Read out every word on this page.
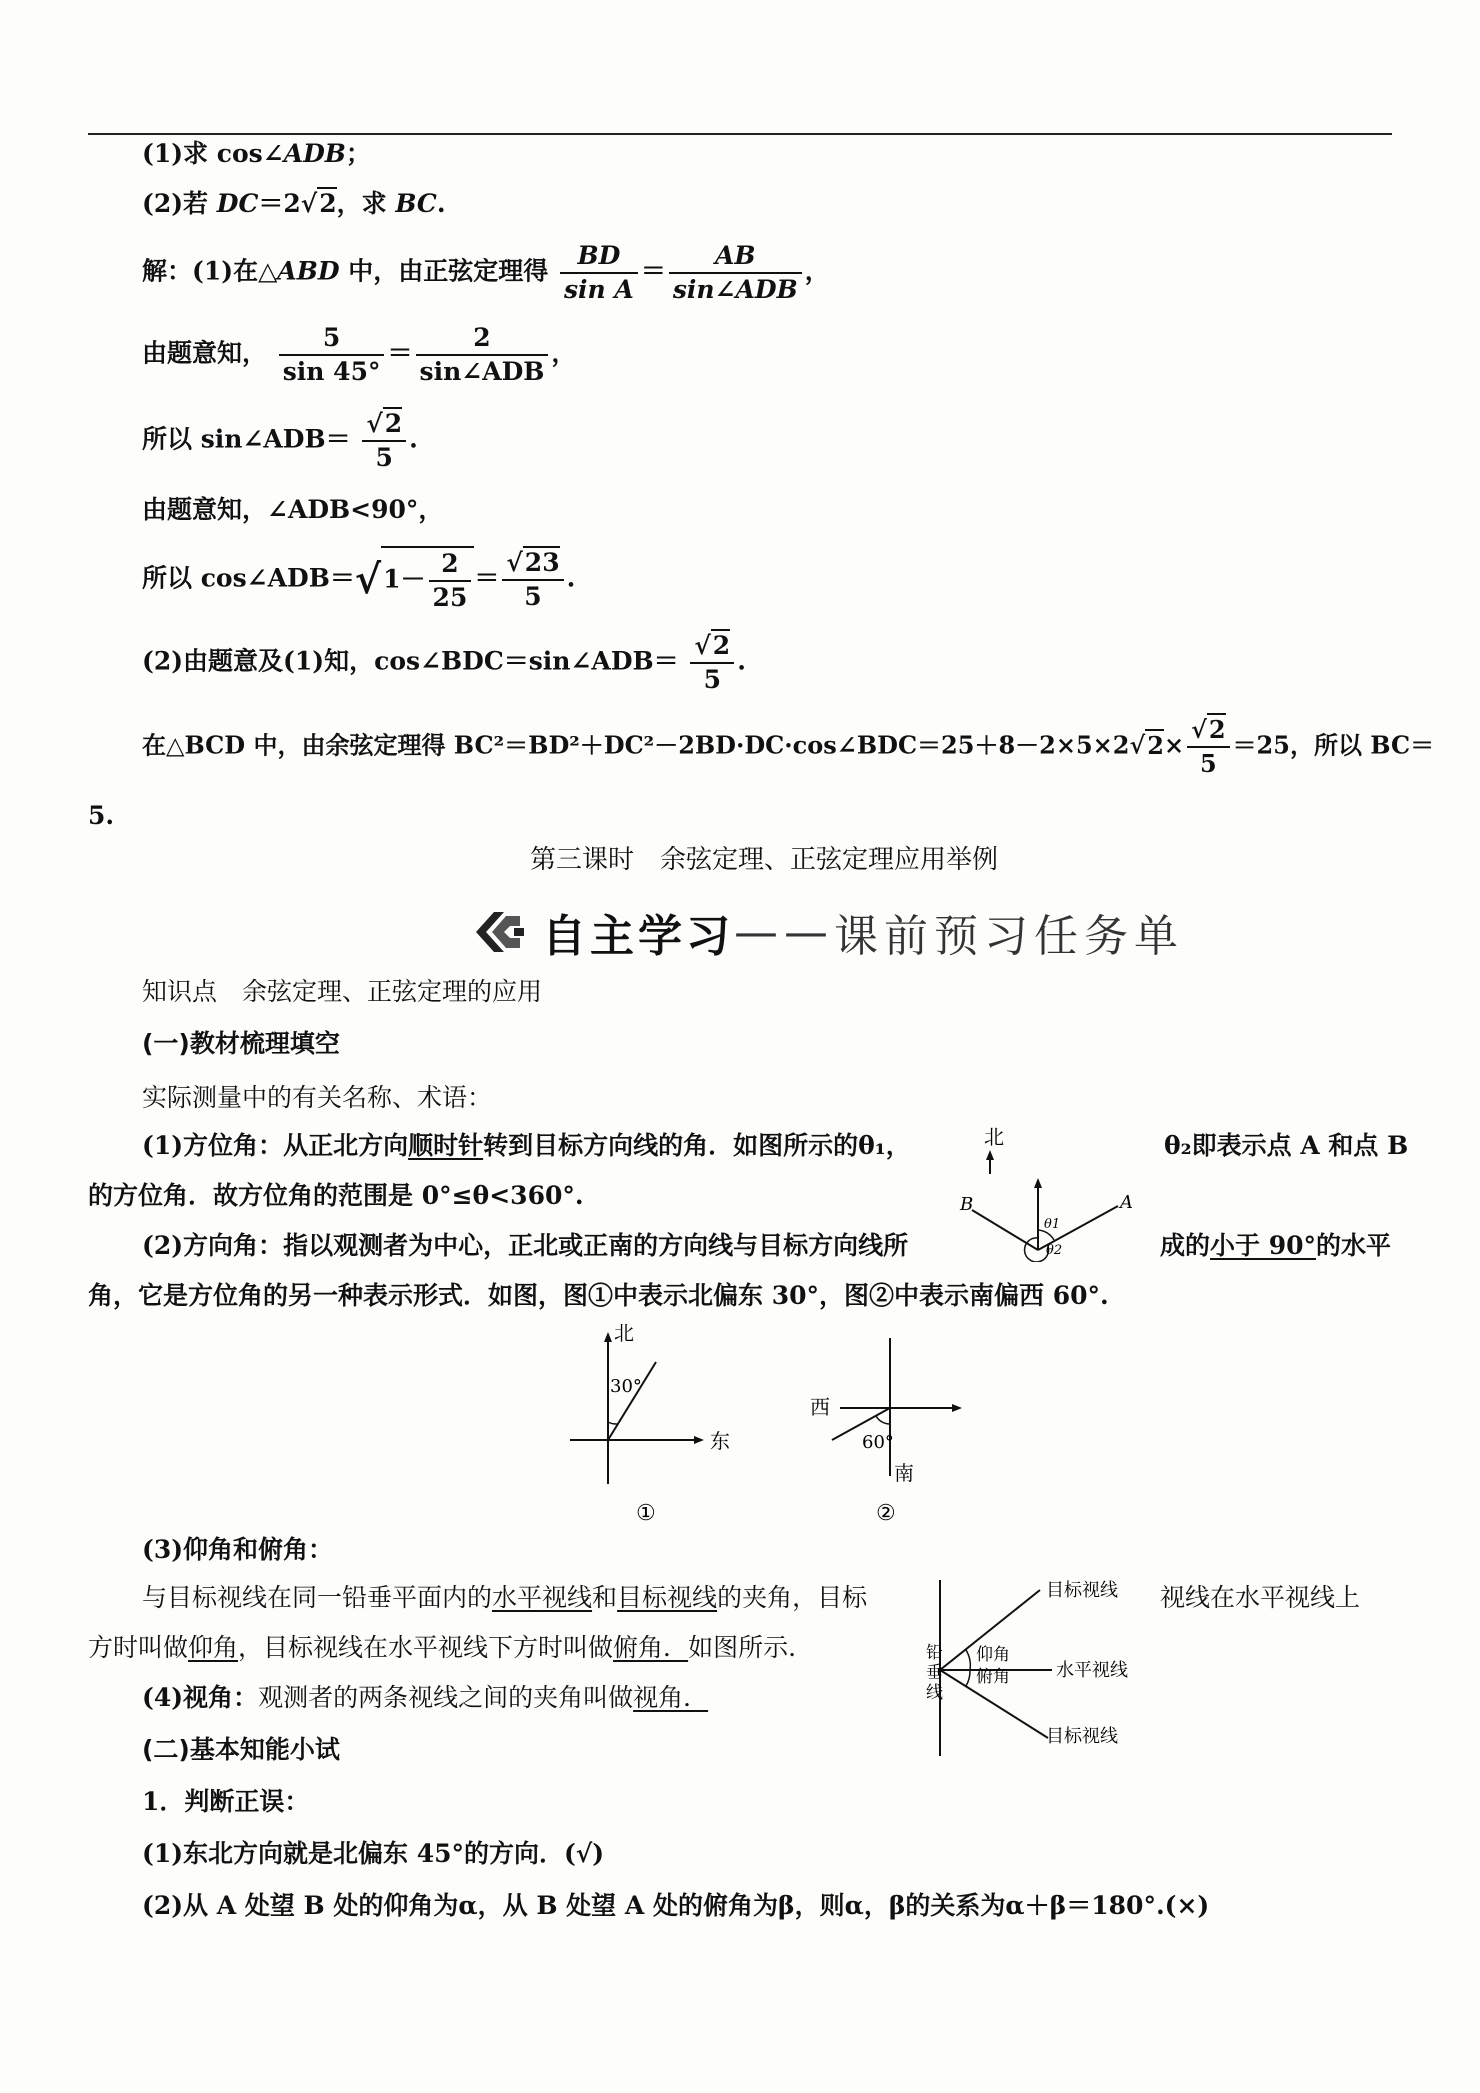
(1)求 cos∠ADB；
(2)若 DC＝2√2，求 BC.
解：(1)在△ABD 中，由正弦定理得 $\frac{BD}{\text{sin A}} = \frac{AB}{\text{sin∠ADB}}$ ，
由题意知， $\frac{5}{\sin 45^\circ} = \frac{2}{\text{sin∠ADB}}$ ，
所以 sin∠ADB＝ $\frac{√2}{5}$ .
由题意知，∠ADB<90°，
所以 cos∠ADB＝√1－ $\frac{2}{25} = \frac{√23}{5}$ .
(2)由题意及(1)知，cos∠BDC＝sin∠ADB＝ $\frac{√2}{5}$ .
在△BCD 中，由余弦定理得 BC²＝BD²＋DC²－2BD·DC·cos∠BDC＝25＋8－2×5×2√2× $\frac{√2}{5} =25$，所以 BC＝
5.
第三课时　余弦定理、正弦定理应用举例
自主学习 —— 课前预习任务单
知识点　余弦定理、正弦定理的应用
(一)教材梳理填空
实际测量中的有关名称、术语：
(1)方位角：从正北方向顺时针转到目标方向线的角．如图所示的θ₁，	θ₂即表示点 A 和点 B
的方位角．故方位角的范围是 0°≤θ<360°.
(2)方向角：指以观测者为中心，正北或正南的方向线与目标方向线所	成的小于 90°的水平
角，它是方位角的另一种表示形式．如图，图①中表示北偏东 30°，图②中表示南偏西 60°.
北
B	A
θ1
θ2
北
东
30°
①
西
南
60°
②
(3)仰角和俯角：
与目标视线在同一铅垂平面内的水平视线和目标视线的夹角，目标	视线在水平视线上
方时叫做仰角，目标视线在水平视线下方时叫做俯角．如图所示.
(4)视角：观测者的两条视线之间的夹角叫做视角．
铅
垂
线
目标视线
水平视线
目标视线
仰角
俯角
(二)基本知能小试
1．判断正误：
(1)东北方向就是北偏东 45°的方向．(√)
(2)从 A 处望 B 处的仰角为α，从 B 处望 A 处的俯角为β，则α，β的关系为α＋β＝180°.(×)
